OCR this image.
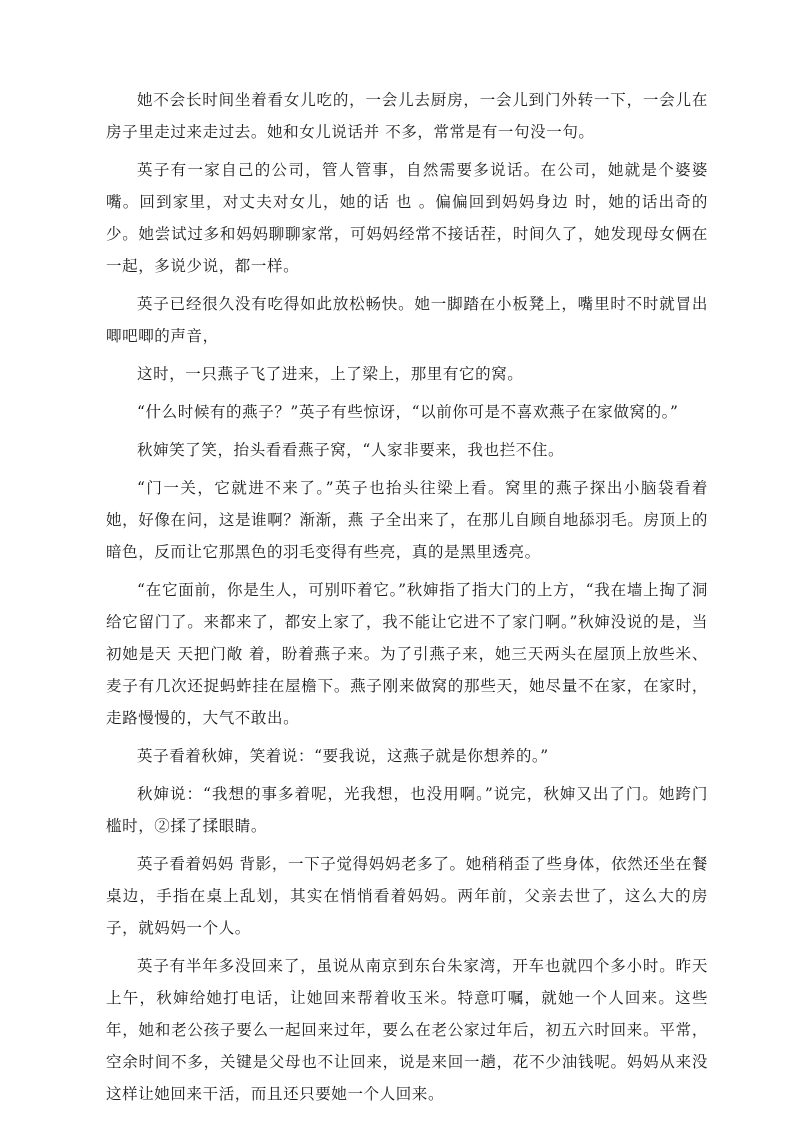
她不会长时间坐着看女儿吃的，一会儿去厨房，一会儿到门外转一下，一会儿在房子里走过来走过去。她和女儿说话并 不多，常常是有一句没一句。

英子有一家自己的公司，管人管事，自然需要多说话。在公司，她就是个婆婆嘴。回到家里，对丈夫对女儿，她的话 也 。偏偏回到妈妈身边 时，她的话出奇的少。她尝试过多和妈妈聊聊家常，可妈妈经常不接话茬，时间久了，她发现母女俩在一起，多说少说，都一样。

英子已经很久没有吃得如此放松畅快。她一脚踏在小板凳上，嘴里时不时就冒出唧吧唧的声音，

这时，一只燕子飞了进来，上了梁上，那里有它的窝。

“什么时候有的燕子？”英子有些惊讶，“以前你可是不喜欢燕子在家做窝的。”

秋婶笑了笑，抬头看看燕子窝，“人家非要来，我也拦不住。

“门一关，它就进不来了。”英子也抬头往梁上看。窝里的燕子探出小脑袋看着她，好像在问，这是谁啊？渐渐，燕 子全出来了，在那儿自顾自地舔羽毛。房顶上的暗色，反而让它那黑色的羽毛变得有些亮，真的是黑里透亮。

“在它面前，你是生人，可别吓着它。”秋婶指了指大门的上方，“我在墙上掏了洞给它留门了。来都来了，都安上家了，我不能让它进不了家门啊。”秋婶没说的是，当初她是天 天把门敞 着，盼着燕子来。为了引燕子来，她三天两头在屋顶上放些米、麦子有几次还捉蚂蚱挂在屋檐下。燕子刚来做窝的那些天，她尽量不在家，在家时，走路慢慢的，大气不敢出。

英子看着秋婶，笑着说：“要我说，这燕子就是你想养的。”

秋婶说：“我想的事多着呢，光我想，也没用啊。”说完，秋婶又出了门。她跨门槛时，②揉了揉眼睛。

英子看着妈妈 背影，一下子觉得妈妈老多了。她稍稍歪了些身体，依然还坐在餐桌边，手指在桌上乱划，其实在悄悄看着妈妈。两年前，父亲去世了，这么大的房子，就妈妈一个人。

英子有半年多没回来了，虽说从南京到东台朱家湾，开车也就四个多小时。昨天上午，秋婶给她打电话，让她回来帮着收玉米。特意叮嘱，就她一个人回来。这些年，她和老公孩子要么一起回来过年，要么在老公家过年后，初五六时回来。平常，空余时间不多，关键是父母也不让回来，说是来回一趟，花不少油钱呢。妈妈从来没这样让她回来干活，而且还只要她一个人回来。
